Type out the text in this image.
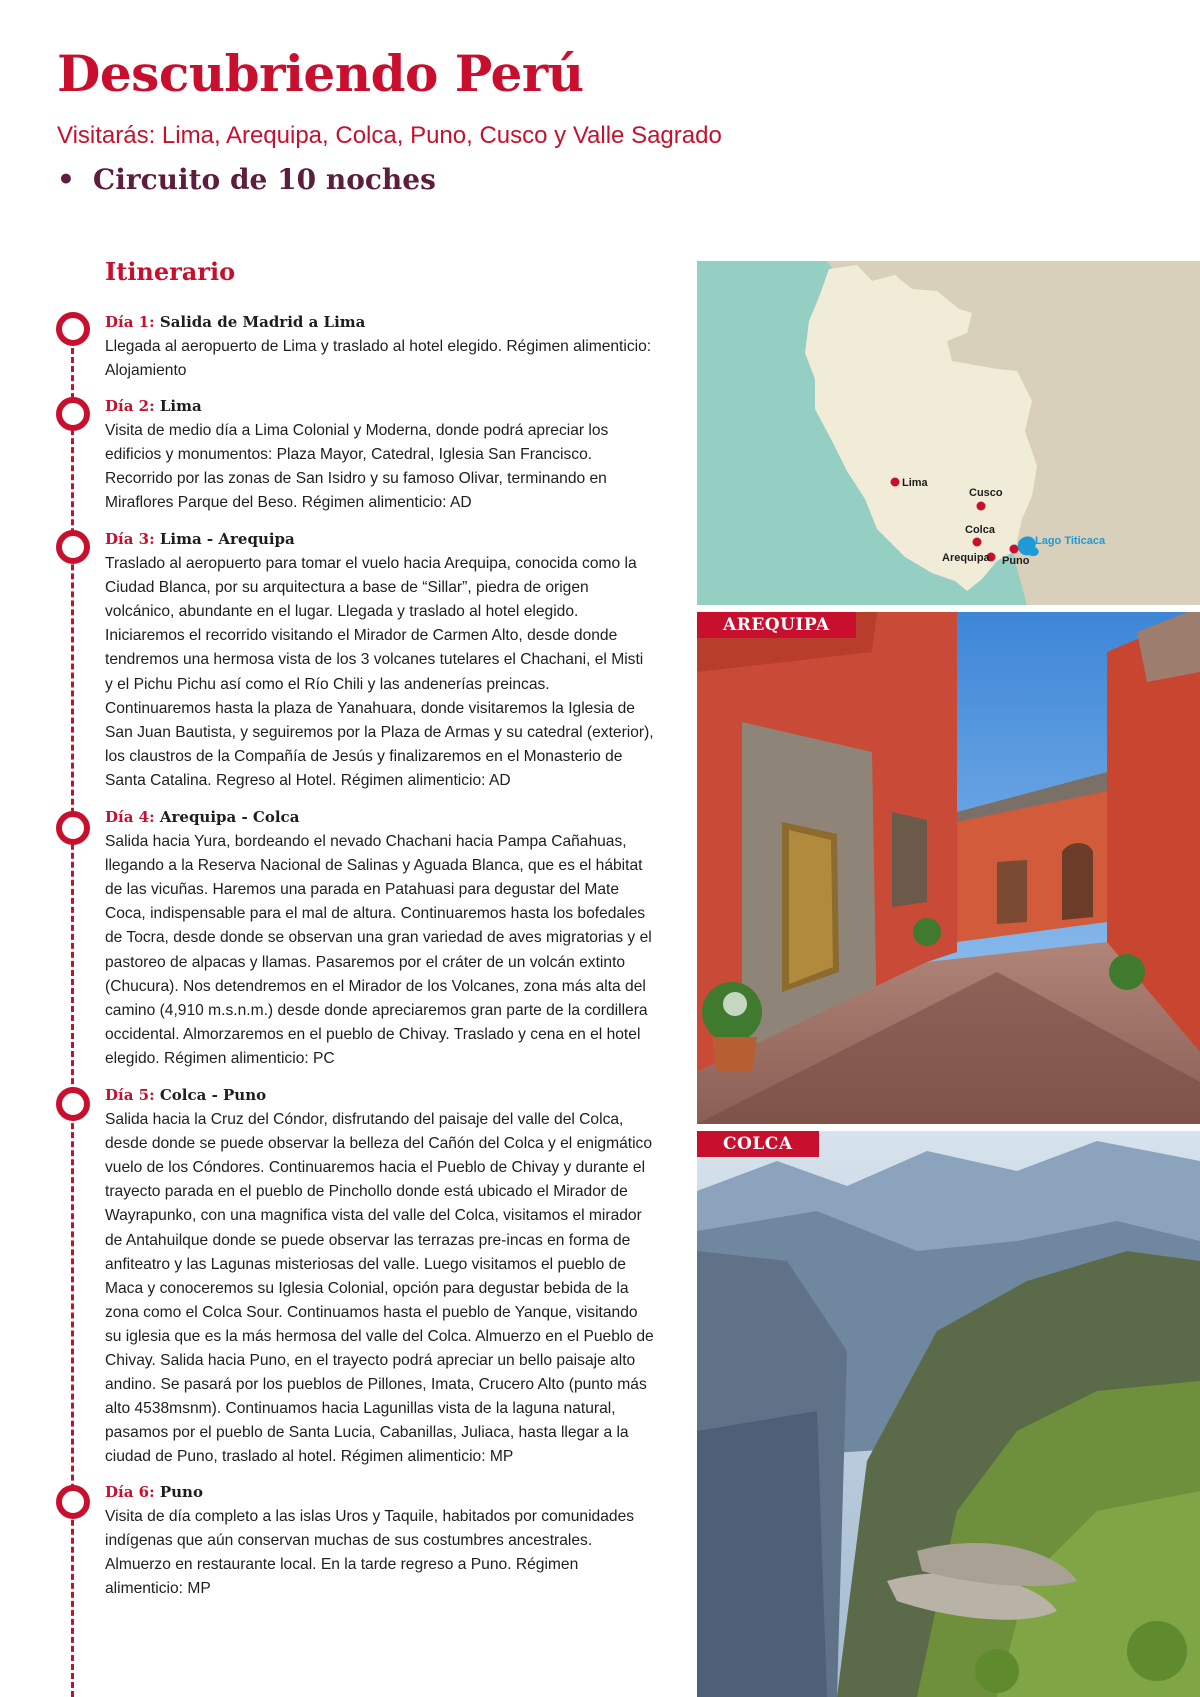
Descubriendo Perú

Visitarás: Lima, Arequipa, Colca, Puno, Cusco y Valle Sagrado

• Circuito de 10 noches

Itinerario

Día 1: Salida de Madrid a Lima

Llegada al aeropuerto de Lima y traslado al hotel elegido. Régimen alimenticio: Alojamiento

Día 2: Lima

Visita de medio día a Lima Colonial y Moderna, donde podrá apreciar los edificios y monumentos: Plaza Mayor, Catedral, Iglesia San Francisco. Recorrido por las zonas de San Isidro y su famoso Olivar, terminando en Miraflores Parque del Beso. Régimen alimenticio: AD

Día 3: Lima - Arequipa

Traslado al aeropuerto para tomar el vuelo hacia Arequipa, conocida como la Ciudad Blanca, por su arquitectura a base de “Sillar”, piedra de origen volcánico, abundante en el lugar. Llegada y traslado al hotel elegido. Iniciaremos el recorrido visitando el Mirador de Carmen Alto, desde donde tendremos una hermosa vista de los 3 volcanes tutelares el Chachani, el Misti y el Pichu Pichu así como el Río Chili y las andenerías preincas. Continuaremos hasta la plaza de Yanahuara, donde visitaremos la Iglesia de San Juan Bautista, y seguiremos por la Plaza de Armas y su catedral (exterior), los claustros de la Compañía de Jesús y finalizaremos en el Monasterio de Santa Catalina. Regreso al Hotel. Régimen alimenticio: AD

Día 4: Arequipa - Colca

Salida hacia Yura, bordeando el nevado Chachani hacia Pampa Cañahuas, llegando a la Reserva Nacional de Salinas y Aguada Blanca, que es el hábitat de las vicuñas. Haremos una parada en Patahuasi para degustar del Mate Coca, indispensable para el mal de altura. Continuaremos hasta los bofedales de Tocra, desde donde se observan una gran variedad de aves migratorias y el pastoreo de alpacas y llamas. Pasaremos por el cráter de un volcán extinto (Chucura). Nos detendremos en el Mirador de los Volcanes, zona más alta del camino (4,910 m.s.n.m.) desde donde apreciaremos gran parte de la cordillera occidental. Almorzaremos en el pueblo de Chivay. Traslado y cena en el hotel elegido. Régimen alimenticio: PC

Día 5: Colca - Puno

Salida hacia la Cruz del Cóndor, disfrutando del paisaje del valle del Colca, desde donde se puede observar la belleza del Cañón del Colca y el enigmático vuelo de los Cóndores. Continuaremos hacia el Pueblo de Chivay y durante el trayecto parada en el pueblo de Pinchollo donde está ubicado el Mirador de Wayrapunko, con una magnifica vista del valle del Colca, visitamos el mirador de Antahuilque donde se puede observar las terrazas pre-incas en forma de anfiteatro y las Lagunas misteriosas del valle. Luego visitamos el pueblo de Maca y conoceremos su Iglesia Colonial, opción para degustar bebida de la zona como el Colca Sour. Continuamos hasta el pueblo de Yanque, visitando su iglesia que es la más hermosa del valle del Colca. Almuerzo en el Pueblo de Chivay. Salida hacia Puno, en el trayecto podrá apreciar un bello paisaje alto andino. Se pasará por los pueblos de Pillones, Imata, Crucero Alto (punto más alto 4538msnm). Continuamos hacia Lagunillas vista de la laguna natural, pasamos por el pueblo de Santa Lucia, Cabanillas, Juliaca, hasta llegar a la ciudad de Puno, traslado al hotel. Régimen alimenticio: MP

Día 6: Puno

Visita de día completo a las islas Uros y Taquile, habitados por comunidades indígenas que aún conservan muchas de sus costumbres ancestrales. Almuerzo en restaurante local. En la tarde regreso a Puno. Régimen alimenticio: MP

Lima
Cusco
Colca
Arequipa Puno
Lago Titicaca
AREQUIPA
COLCA
